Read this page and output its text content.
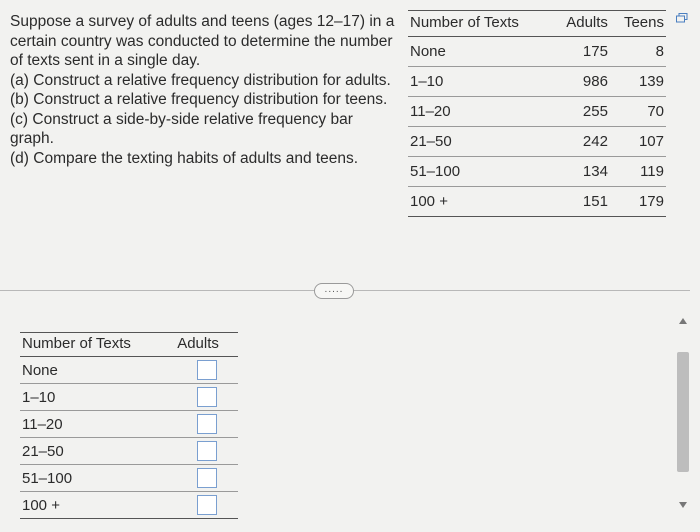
Suppose a survey of adults and teens (ages 12–17) in a certain country was conducted to determine the number of texts sent in a single day.

(a) Construct a relative frequency distribution for adults.

(b) Construct a relative frequency distribution for teens.

(c) Construct a side-by-side relative frequency bar graph.

(d) Compare the texting habits of adults and teens.

Number of Texts	Adults	Teens
None	175	8
1–10	986	139
11–20	255	70
21–50	242	107
51–100	134	119
100 +	151	179
.....
Number of Texts	Adults
None	
1–10	
11–20	
21–50	
51–100	
100 +	
